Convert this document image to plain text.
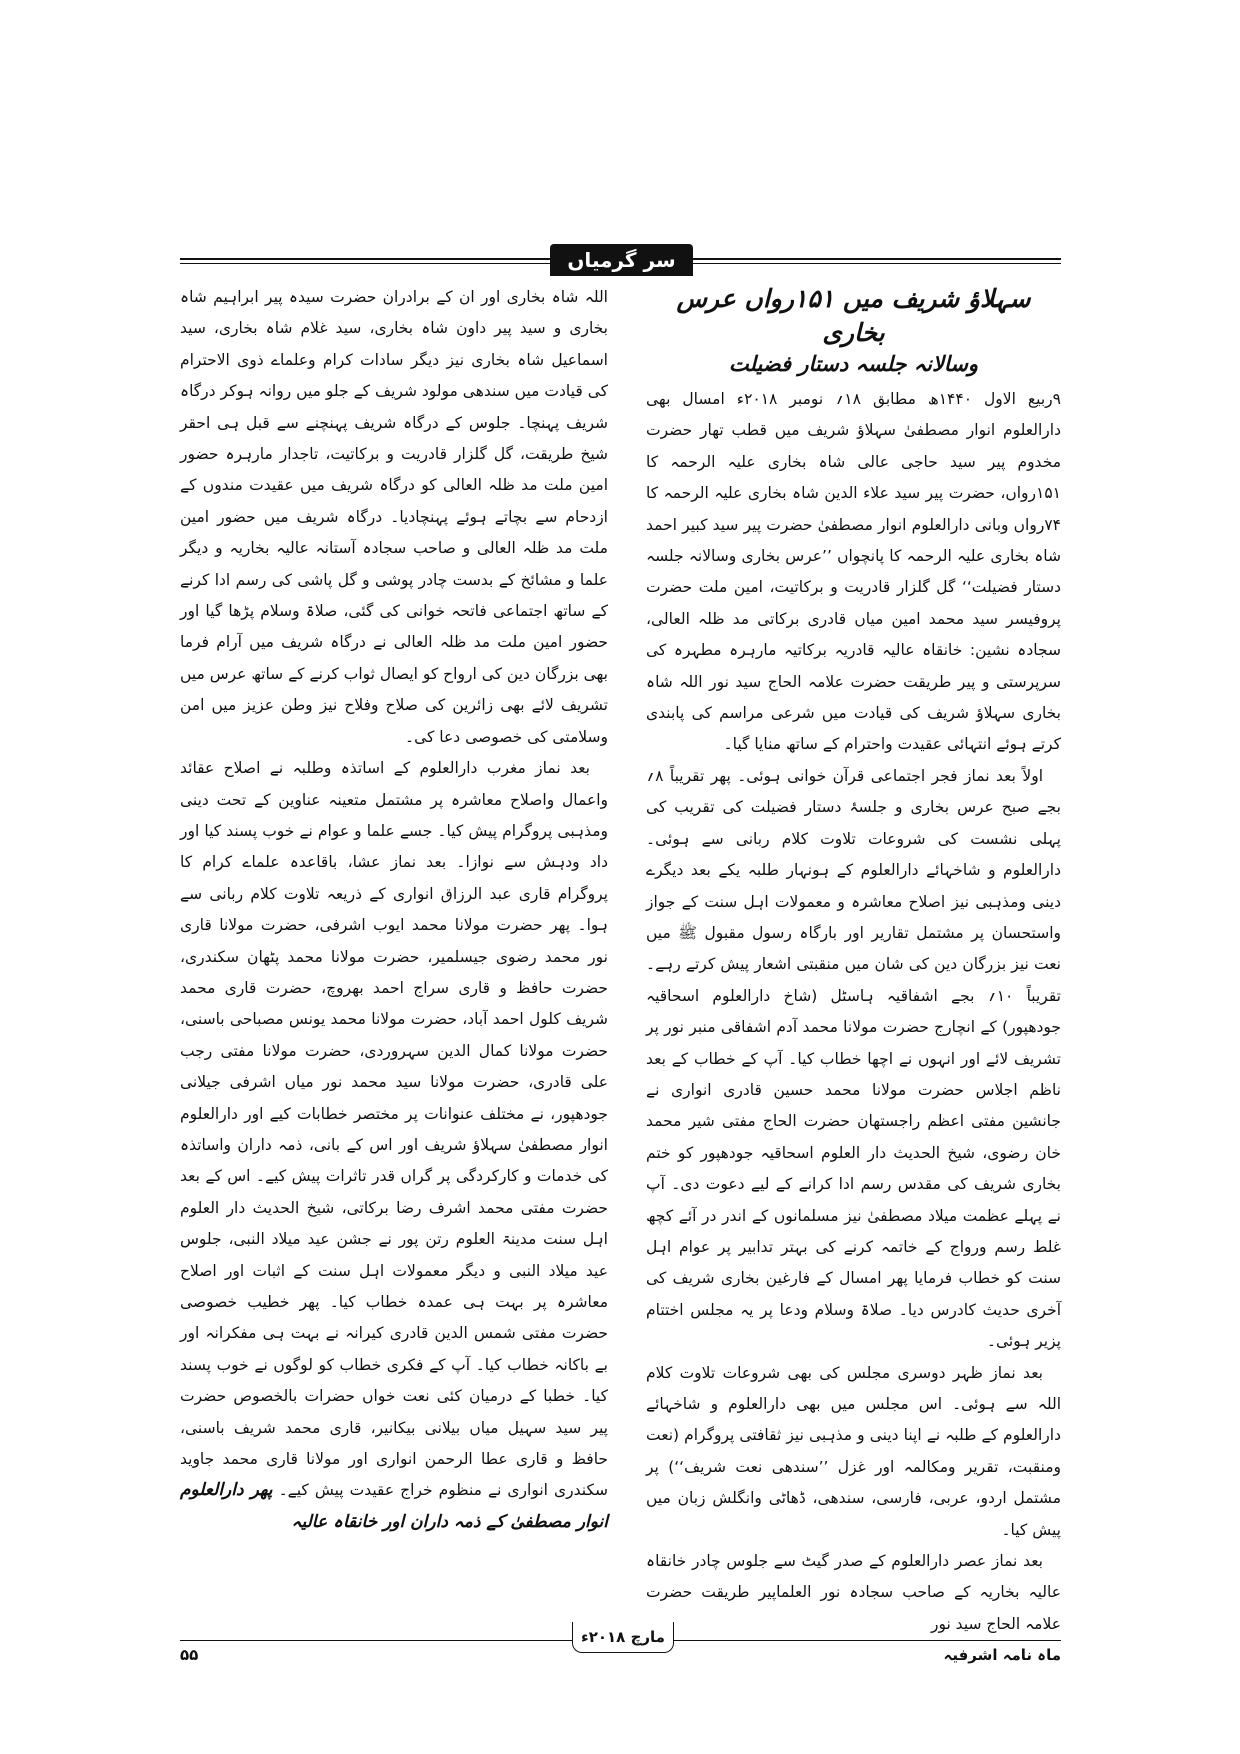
سر گرمیاں
سہلاؤ شریف میں ۱۵۱رواں عرس بخاری
وسالانہ جلسہ دستار فضیلت

۹ربیع الاول ۱۴۴۰ھ مطابق ۱۸؍ نومبر ۲۰۱۸ء امسال بھی دارالعلوم انوار مصطفیٰ سہلاؤ شریف میں قطب تھار حضرت مخدوم پیر سید حاجی عالی شاہ بخاری علیہ الرحمہ کا ۱۵۱رواں، حضرت پیر سید علاء الدین شاہ بخاری علیہ الرحمہ کا ۷۴رواں وبانی دارالعلوم انوار مصطفیٰ حضرت پیر سید کبیر احمد شاہ بخاری علیہ الرحمہ کا پانچواں ’’عرس بخاری وسالانہ جلسہ دستار فضیلت‘‘ گل گلزار قادریت و برکاتیت، امین ملت حضرت پروفیسر سید محمد امین میاں قادری برکاتی مد ظلہ العالی، سجادہ نشین: خانقاہ عالیہ قادریہ برکاتیہ مارہرہ مطہرہ کی سرپرستی و پیر طریقت حضرت علامہ الحاج سید نور اللہ شاہ بخاری سہلاؤ شریف کی قیادت میں شرعی مراسم کی پابندی کرتے ہوئے انتہائی عقیدت واحترام کے ساتھ منایا گیا۔

اولاً بعد نماز فجر اجتماعی قرآن خوانی ہوئی۔ پھر تقریباً ۸؍ بجے صبح عرس بخاری و جلسۂ دستار فضیلت کی تقریب کی پہلی نشست کی شروعات تلاوت کلام ربانی سے ہوئی۔ دارالعلوم و شاخہائے دارالعلوم کے ہونہار طلبہ یکے بعد دیگرے دینی ومذہبی نیز اصلاح معاشرہ و معمولات اہل سنت کے جواز واستحسان پر مشتمل تقاریر اور بارگاہ رسول مقبول ﷺ میں نعت نیز بزرگان دین کی شان میں منقبتی اشعار پیش کرتے رہے۔ تقریباً ۱۰؍ بجے اشفاقیہ ہاسٹل (شاخ دارالعلوم اسحاقیہ جودھپور) کے انچارج حضرت مولانا محمد آدم اشفاقی منبر نور پر تشریف لائے اور انہوں نے اچھا خطاب کیا۔ آپ کے خطاب کے بعد ناظم اجلاس حضرت مولانا محمد حسین قادری انواری نے جانشین مفتی اعظم راجستھان حضرت الحاج مفتی شیر محمد خان رضوی، شیخ الحدیث دار العلوم اسحاقیہ جودھپور کو ختم بخاری شریف کی مقدس رسم ادا کرانے کے لیے دعوت دی۔ آپ نے پہلے عظمت میلاد مصطفیٰ نیز مسلمانوں کے اندر در آئے کچھ غلط رسم ورواج کے خاتمہ کرنے کی بہتر تدابیر پر عوام اہل سنت کو خطاب فرمایا پھر امسال کے فارغین بخاری شریف کی آخری حدیث کادرس دیا۔ صلاۃ وسلام ودعا پر یہ مجلس اختتام پزیر ہوئی۔

بعد نماز ظہر دوسری مجلس کی بھی شروعات تلاوت کلام اللہ سے ہوئی۔ اس مجلس میں بھی دارالعلوم و شاخہائے دارالعلوم کے طلبہ نے اپنا دینی و مذہبی نیز ثقافتی پروگرام (نعت ومنقبت، تقریر ومکالمہ اور غزل ’’سندھی نعت شریف‘‘) پر مشتمل اردو، عربی، فارسی، سندھی، ڈھاٹی وانگلش زبان میں پیش کیا۔

بعد نماز عصر دارالعلوم کے صدر گیٹ سے جلوس چادر خانقاہ عالیہ بخاریہ کے صاحب سجادہ نور العلماپیر طریقت حضرت علامہ الحاج سید نور

اللہ شاہ بخاری اور ان کے برادران حضرت سیدہ پیر ابراہیم شاہ بخاری و سید پیر داون شاہ بخاری، سید غلام شاہ بخاری، سید اسماعیل شاہ بخاری نیز دیگر سادات کرام وعلماے ذوی الاحترام کی قیادت میں سندھی مولود شریف کے جلو میں روانہ ہوکر درگاہ شریف پہنچا۔ جلوس کے درگاہ شریف پہنچنے سے قبل ہی احقر شیخ طریقت، گل گلزار قادریت و برکاتیت، تاجدار مارہرہ حضور امین ملت مد ظلہ العالی کو درگاہ شریف میں عقیدت مندوں کے ازدحام سے بچاتے ہوئے پہنچادیا۔ درگاہ شریف میں حضور امین ملت مد ظلہ العالی و صاحب سجادہ آستانہ عالیہ بخاریہ و دیگر علما و مشائخ کے بدست چادر پوشی و گل پاشی کی رسم ادا کرنے کے ساتھ اجتماعی فاتحہ خوانی کی گئی، صلاۃ وسلام پڑھا گیا اور حضور امین ملت مد ظلہ العالی نے درگاہ شریف میں آرام فرما بھی بزرگان دین کی ارواح کو ایصال ثواب کرنے کے ساتھ عرس میں تشریف لائے بھی زائرین کی صلاح وفلاح نیز وطن عزیز میں امن وسلامتی کی خصوصی دعا کی۔

بعد نماز مغرب دارالعلوم کے اساتذہ وطلبہ نے اصلاح عقائد واعمال واصلاح معاشرہ پر مشتمل متعینہ عناوین کے تحت دینی ومذہبی پروگرام پیش کیا۔ جسے علما و عوام نے خوب پسند کیا اور داد ودہش سے نوازا۔ بعد نماز عشا، باقاعدہ علماے کرام کا پروگرام قاری عبد الرزاق انواری کے ذریعہ تلاوت کلام ربانی سے ہوا۔ پھر حضرت مولانا محمد ایوب اشرفی، حضرت مولانا قاری نور محمد رضوی جیسلمیر، حضرت مولانا محمد پٹھان سکندری، حضرت حافظ و قاری سراج احمد بھروچ، حضرت قاری محمد شریف کلول احمد آباد، حضرت مولانا محمد یونس مصباحی باسنی، حضرت مولانا کمال الدین سہروردی، حضرت مولانا مفتی رجب علی قادری، حضرت مولانا سید محمد نور میاں اشرفی جیلانی جودھپور، نے مختلف عنوانات پر مختصر خطابات کیے اور دارالعلوم انوار مصطفیٰ سہلاؤ شریف اور اس کے بانی، ذمہ داران واساتذہ کی خدمات و کارکردگی پر گراں قدر تاثرات پیش کیے۔ اس کے بعد حضرت مفتی محمد اشرف رضا برکاتی، شیخ الحدیث دار العلوم اہل سنت مدینۃ العلوم رتن پور نے جشن عید میلاد النبی، جلوس عید میلاد النبی و دیگر معمولات اہل سنت کے اثبات اور اصلاح معاشرہ پر بہت ہی عمدہ خطاب کیا۔ پھر خطیب خصوصی حضرت مفتی شمس الدین قادری کیرانہ نے بہت ہی مفکرانہ اور بے باکانہ خطاب کیا۔ آپ کے فکری خطاب کو لوگوں نے خوب پسند کیا۔ خطبا کے درمیان کئی نعت خواں حضرات بالخصوص حضرت پیر سید سہیل میاں بیلانی بیکانیر، قاری محمد شریف باسنی، حافظ و قاری عطا الرحمن انواری اور مولانا قاری محمد جاوید سکندری انواری نے منظوم خراج عقیدت پیش کیے۔ پھر دارالعلوم انوار مصطفیٰ کے ذمہ داران اور خانقاہ عالیہ

مارچ ۲۰۱۸ء
ماہ نامہ اشرفیہ
۵۵
